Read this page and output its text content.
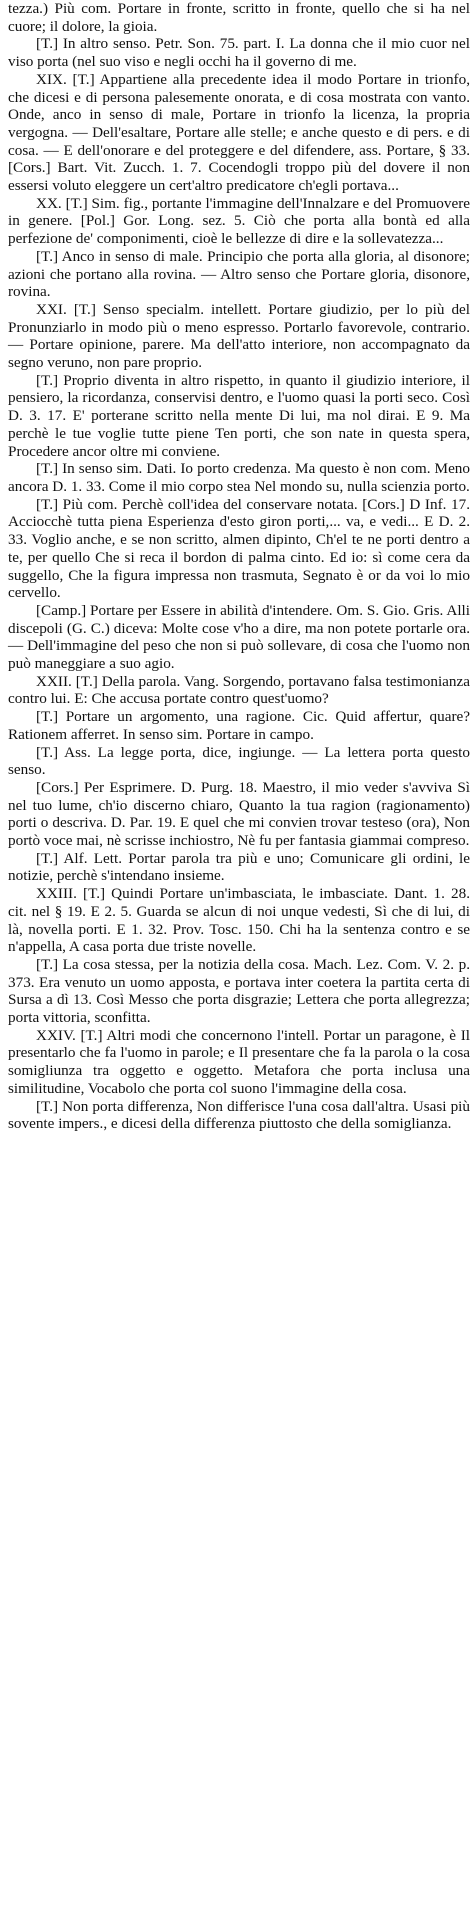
tezza.) Più com. Portare in fronte, scritto in fronte, quello che si ha nel cuore; il dolore, la gioia.

[T.] In altro senso. Petr. Son. 75. part. I. La donna che il mio cuor nel viso porta (nel suo viso e negli occhi ha il governo di me.

XIX. [T.] Appartiene alla precedente idea il modo Portare in trionfo, che dicesi e di persona palesemente onorata, e di cosa mostrata con vanto. Onde, anco in senso di male, Portare in trionfo la licenza, la propria vergogna. — Dell'esaltare, Portare alle stelle; e anche questo e di pers. e di cosa. — E dell'onorare e del proteggere e del difendere, ass. Portare, § 33. [Cors.] Bart. Vit. Zucch. 1. 7. Cocendogli troppo più del dovere il non essersi voluto eleggere un cert'altro predicatore ch'egli portava...

XX. [T.] Sim. fig., portante l'immagine dell'Innalzare e del Promuovere in genere. [Pol.] Gor. Long. sez. 5. Ciò che porta alla bontà ed alla perfezione de' componimenti, cioè le bellezze di dire e la sollevatezza...

[T.] Anco in senso di male. Principio che porta alla gloria, al disonore; azioni che portano alla rovina. — Altro senso che Portare gloria, disonore, rovina.

XXI. [T.] Senso specialm. intellett. Portare giudizio, per lo più del Pronunziarlo in modo più o meno espresso. Portarlo favorevole, contrario. — Portare opinione, parere. Ma dell'atto interiore, non accompagnato da segno veruno, non pare proprio.

[T.] Proprio diventa in altro rispetto, in quanto il giudizio interiore, il pensiero, la ricordanza, conservisi dentro, e l'uomo quasi la porti seco. Così D. 3. 17. E' porterane scritto nella mente Di lui, ma nol dirai. E 9. Ma perchè le tue voglie tutte piene Ten porti, che son nate in questa spera, Procedere ancor oltre mi conviene.

[T.] In senso sim. Dati. Io porto credenza. Ma questo è non com. Meno ancora D. 1. 33. Come il mio corpo stea Nel mondo su, nulla scienzia porto.

[T.] Più com. Perchè coll'idea del conservare notata. [Cors.] D Inf. 17. Acciocchè tutta piena Esperienza d'esto giron porti,... va, e vedi... E D. 2. 33. Voglio anche, e se non scritto, almen dipinto, Ch'el te ne porti dentro a te, per quello Che si reca il bordon di palma cinto. Ed io: sì come cera da suggello, Che la figura impressa non trasmuta, Segnato è or da voi lo mio cervello.

[Camp.] Portare per Essere in abilità d'intendere. Om. S. Gio. Gris. Alli discepoli (G. C.) diceva: Molte cose v'ho a dire, ma non potete portarle ora. — Dell'immagine del peso che non si può sollevare, di cosa che l'uomo non può maneggiare a suo agio.

XXII. [T.] Della parola. Vang. Sorgendo, portavano falsa testimonianza contro lui. E: Che accusa portate contro quest'uomo?

[T.] Portare un argomento, una ragione. Cic. Quid affertur, quare? Rationem afferret. In senso sim. Portare in campo.

[T.] Ass. La legge porta, dice, ingiunge. — La lettera porta questo senso.

[Cors.] Per Esprimere. D. Purg. 18. Maestro, il mio veder s'avviva Sì nel tuo lume, ch'io discerno chiaro, Quanto la tua ragion (ragionamento) porti o descriva. D. Par. 19. E quel che mi convien trovar testeso (ora), Non portò voce mai, nè scrisse inchiostro, Nè fu per fantasia giammai compreso.

[T.] Alf. Lett. Portar parola tra più e uno; Comunicare gli ordini, le notizie, perchè s'intendano insieme.

XXIII. [T.] Quindi Portare un'imbasciata, le imbasciate. Dant. 1. 28. cit. nel § 19. E 2. 5. Guarda se alcun di noi unque vedesti, Sì che di lui, di là, novella porti. E 1. 32. Prov. Tosc. 150. Chi ha la sentenza contro e se n'appella, A casa porta due triste novelle.

[T.] La cosa stessa, per la notizia della cosa. Mach. Lez. Com. V. 2. p. 373. Era venuto un uomo apposta, e portava inter coetera la partita certa di Sursa a dì 13. Così Messo che porta disgrazie; Lettera che porta allegrezza; porta vittoria, sconfitta.

XXIV. [T.] Altri modi che concernono l'intell. Portar un paragone, è Il presentarlo che fa l'uomo in parole; e Il presentare che fa la parola o la cosa somigliunza tra oggetto e oggetto. Metafora che porta inclusa una similitudine, Vocabolo che porta col suono l'immagine della cosa.

[T.] Non porta differenza, Non differisce l'una cosa dall'altra. Usasi più sovente impers., e dicesi della differenza piuttosto che della somiglianza.
